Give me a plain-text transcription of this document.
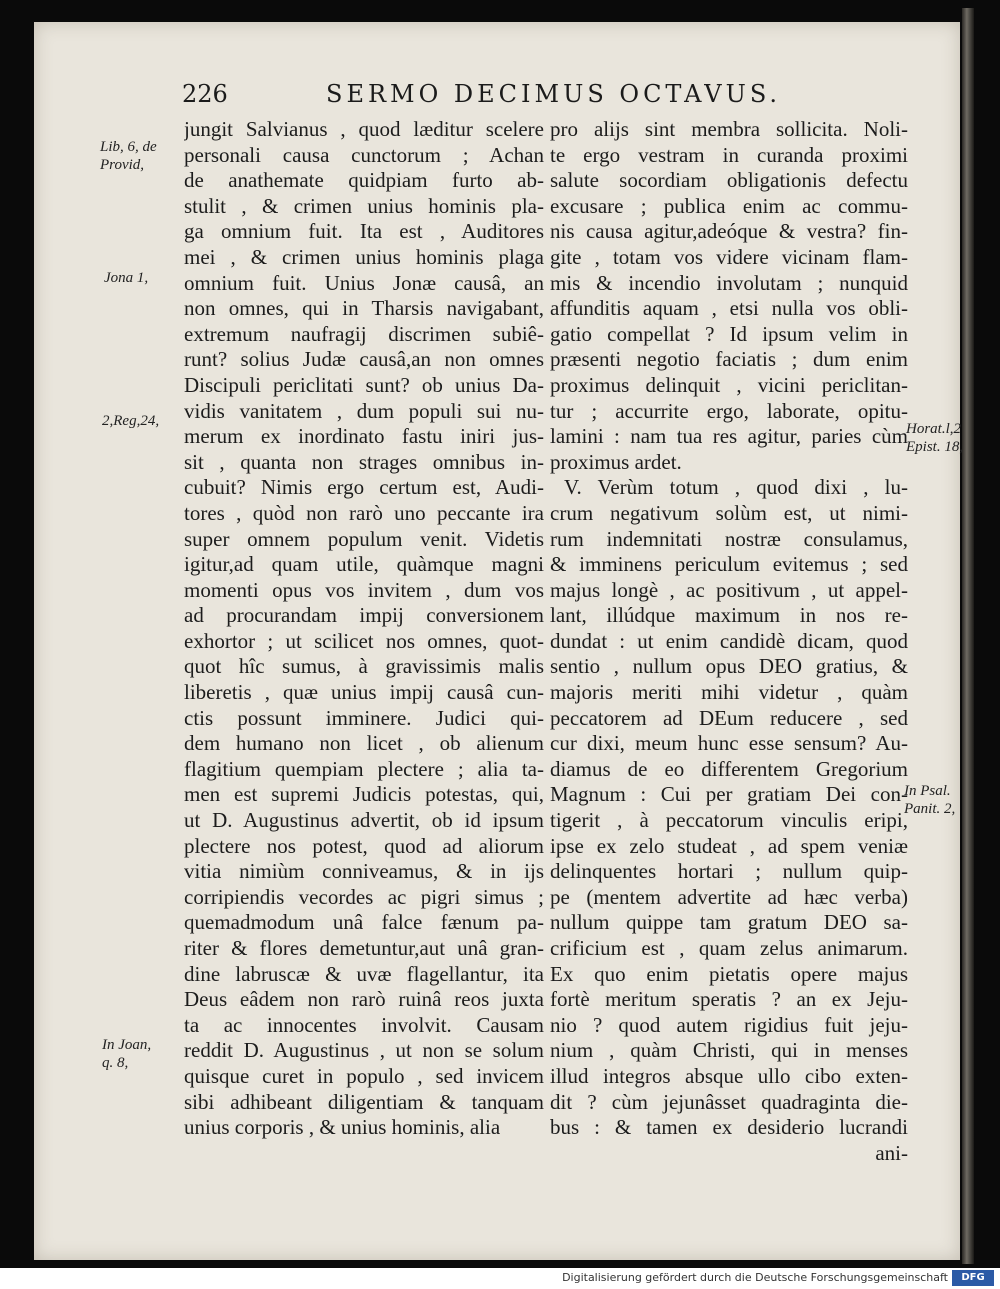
226	SERMO DECIMUS OCTAVUS.
jungit Salvianus , quod læditur scelere
personali causa cunctorum ; Achan
de anathemate quidpiam furto ab-
stulit , & crimen unius hominis pla-
ga omnium fuit. Ita est , Auditores
mei , & crimen unius hominis plaga
omnium fuit. Unius Jonæ causâ, an
non omnes, qui in Tharsis navigabant,
extremum naufragij discrimen subiê-
runt? solius Judæ causâ,an non omnes
Discipuli periclitati sunt? ob unius Da-
vidis vanitatem , dum populi sui nu-
merum ex inordinato fastu iniri jus-
sit , quanta non strages omnibus in-
cubuit? Nimis ergo certum est, Audi-
tores , quòd non rarò uno peccante ira
super omnem populum venit. Videtis
igitur,ad quam utile, quàmque magni
momenti opus vos invitem , dum vos
ad procurandam impij conversionem
exhortor ; ut scilicet nos omnes, quot-
quot hîc sumus, à gravissimis malis
liberetis , quæ unius impij causâ cun-
ctis possunt imminere. Judici qui-
dem humano non licet , ob alienum
flagitium quempiam plectere ; alia ta-
men est supremi Judicis potestas, qui,
ut D. Augustinus advertit, ob id ipsum
plectere nos potest, quod ad aliorum
vitia nimiùm conniveamus, & in ijs
corripiendis vecordes ac pigri simus ;
quemadmodum unâ falce fænum pa-
riter & flores demetuntur,aut unâ gran-
dine labruscæ & uvæ flagellantur, ita
Deus eâdem non rarò ruinâ reos juxta
ta ac innocentes involvit. Causam
reddit D. Augustinus , ut non se solum
quisque curet in populo , sed invicem
sibi adhibeant diligentiam & tanquam
unius corporis , & unius hominis, alia
pro alijs sint membra sollicita. Noli-
te ergo vestram in curanda proximi
salute socordiam obligationis defectu
excusare ; publica enim ac commu-
nis causa agitur,adeóque & vestra? fin-
gite , totam vos videre vicinam flam-
mis & incendio involutam ; nunquid
affunditis aquam , etsi nulla vos obli-
gatio compellat ? Id ipsum velim in
præsenti negotio faciatis ; dum enim
proximus delinquit , vicini periclitan-
tur ; accurrite ergo, laborate, opitu-
lamini : nam tua res agitur, paries cùm
proximus ardet.
V. Verùm totum , quod dixi , lu-
crum negativum solùm est, ut nimi-
rum indemnitati nostræ consulamus,
& imminens periculum evitemus ; sed
majus longè , ac positivum , ut appel-
lant, illúdque maximum in nos re-
dundat : ut enim candidè dicam, quod
sentio , nullum opus DEO gratius, &
majoris meriti mihi videtur , quàm
peccatorem ad DEum reducere , sed
cur dixi, meum hunc esse sensum? Au-
diamus de eo differentem Gregorium
Magnum : Cui per gratiam Dei con-
tigerit , à peccatorum vinculis eripi,
ipse ex zelo studeat , ad spem veniæ
delinquentes hortari ; nullum quip-
pe (mentem advertite ad hæc verba)
nullum quippe tam gratum DEO sa-
crificium est , quam zelus animarum.
Ex quo enim pietatis opere majus
fortè meritum speratis ? an ex Jeju-
nio ? quod autem rigidius fuit jeju-
nium , quàm Christi, qui in menses
illud integros absque ullo cibo exten-
dit ? cùm jejunâsset quadraginta die-
bus : & tamen ex desiderio lucrandi
ani-
Lib, 6, de
Provid,
Jona 1,
2,Reg,24,
In Joan,
q. 8,
Horat.l,2
Epist. 18,
In Psal.
Panit. 2,
Digitalisierung gefördert durch die Deutsche Forschungsgemeinschaft	DFG
